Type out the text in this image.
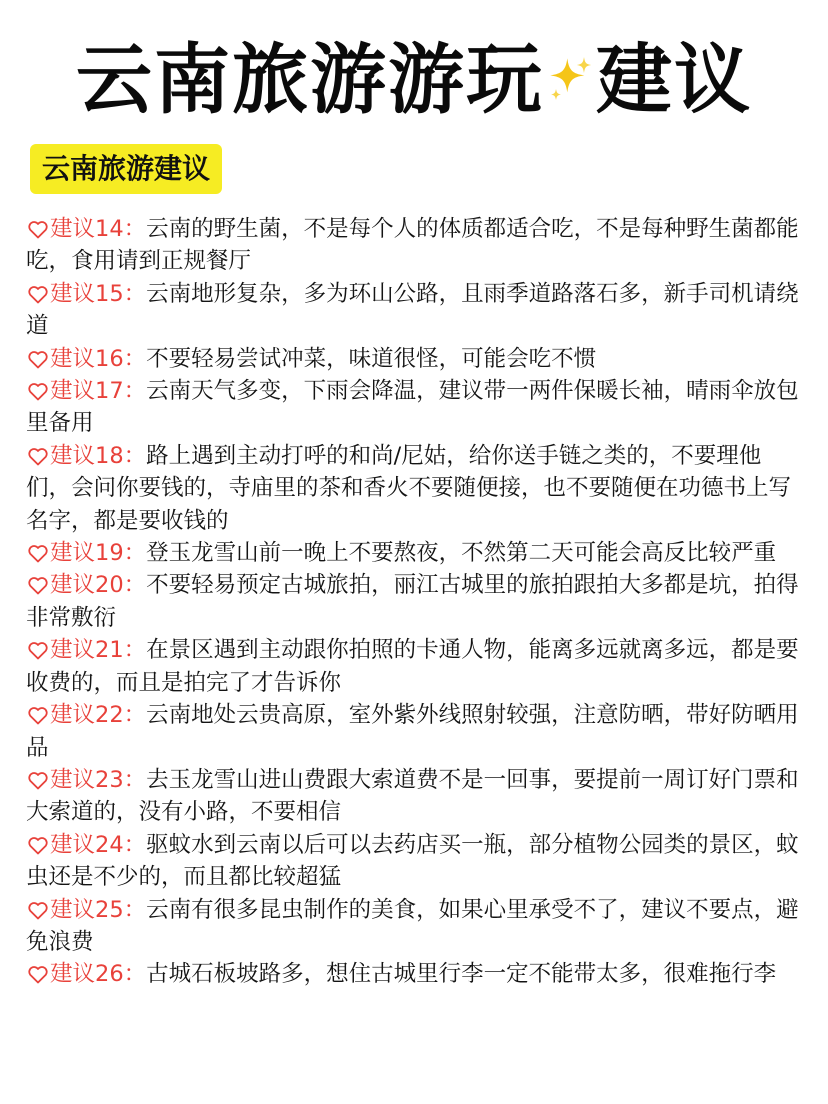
云南旅游游玩 建议
云南旅游建议
建议14：云南的野生菌，不是每个人的体质都适合吃，不是每种野生菌都能吃，食用请到正规餐厅
建议15：云南地形复杂，多为环山公路，且雨季道路落石多，新手司机请绕道
建议16：不要轻易尝试冲菜，味道很怪，可能会吃不惯
建议17：云南天气多变，下雨会降温，建议带一两件保暖长袖，晴雨伞放包里备用
建议18：路上遇到主动打呼的和尚/尼姑，给你送手链之类的，不要理他们，会问你要钱的，寺庙里的茶和香火不要随便接，也不要随便在功德书上写名字，都是要收钱的
建议19：登玉龙雪山前一晚上不要熬夜，不然第二天可能会高反比较严重
建议20：不要轻易预定古城旅拍，丽江古城里的旅拍跟拍大多都是坑，拍得非常敷衍
建议21：在景区遇到主动跟你拍照的卡通人物，能离多远就离多远，都是要收费的，而且是拍完了才告诉你
建议22：云南地处云贵高原，室外紫外线照射较强，注意防晒，带好防晒用品
建议23：去玉龙雪山进山费跟大索道费不是一回事，要提前一周订好门票和大索道的，没有小路，不要相信
建议24：驱蚊水到云南以后可以去药店买一瓶，部分植物公园类的景区，蚊虫还是不少的，而且都比较超猛
建议25：云南有很多昆虫制作的美食，如果心里承受不了，建议不要点，避免浪费
建议26：古城石板坡路多，想住古城里行李一定不能带太多，很难拖行李
